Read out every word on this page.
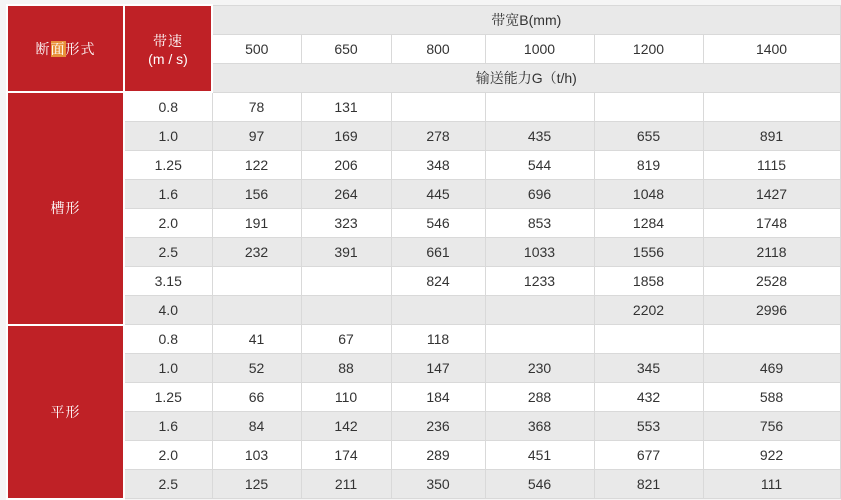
断面形式	带速
(m / s)	带宽B(mm)					
		500	650	800	1000	1200	1400
		输送能力G（t/h)					
槽形	0.8	78	131				
	1.0	97	169	278	435	655	891
	1.25	122	206	348	544	819	1115
	1.6	156	264	445	696	1048	1427
	2.0	191	323	546	853	1284	1748
	2.5	232	391	661	1033	1556	2118
	3.15			824	1233	1858	2528
	4.0					2202	2996
平形	0.8	41	67	118			
	1.0	52	88	147	230	345	469
	1.25	66	110	184	288	432	588
	1.6	84	142	236	368	553	756
	2.0	103	174	289	451	677	922
	2.5	125	211	350	546	821	111
